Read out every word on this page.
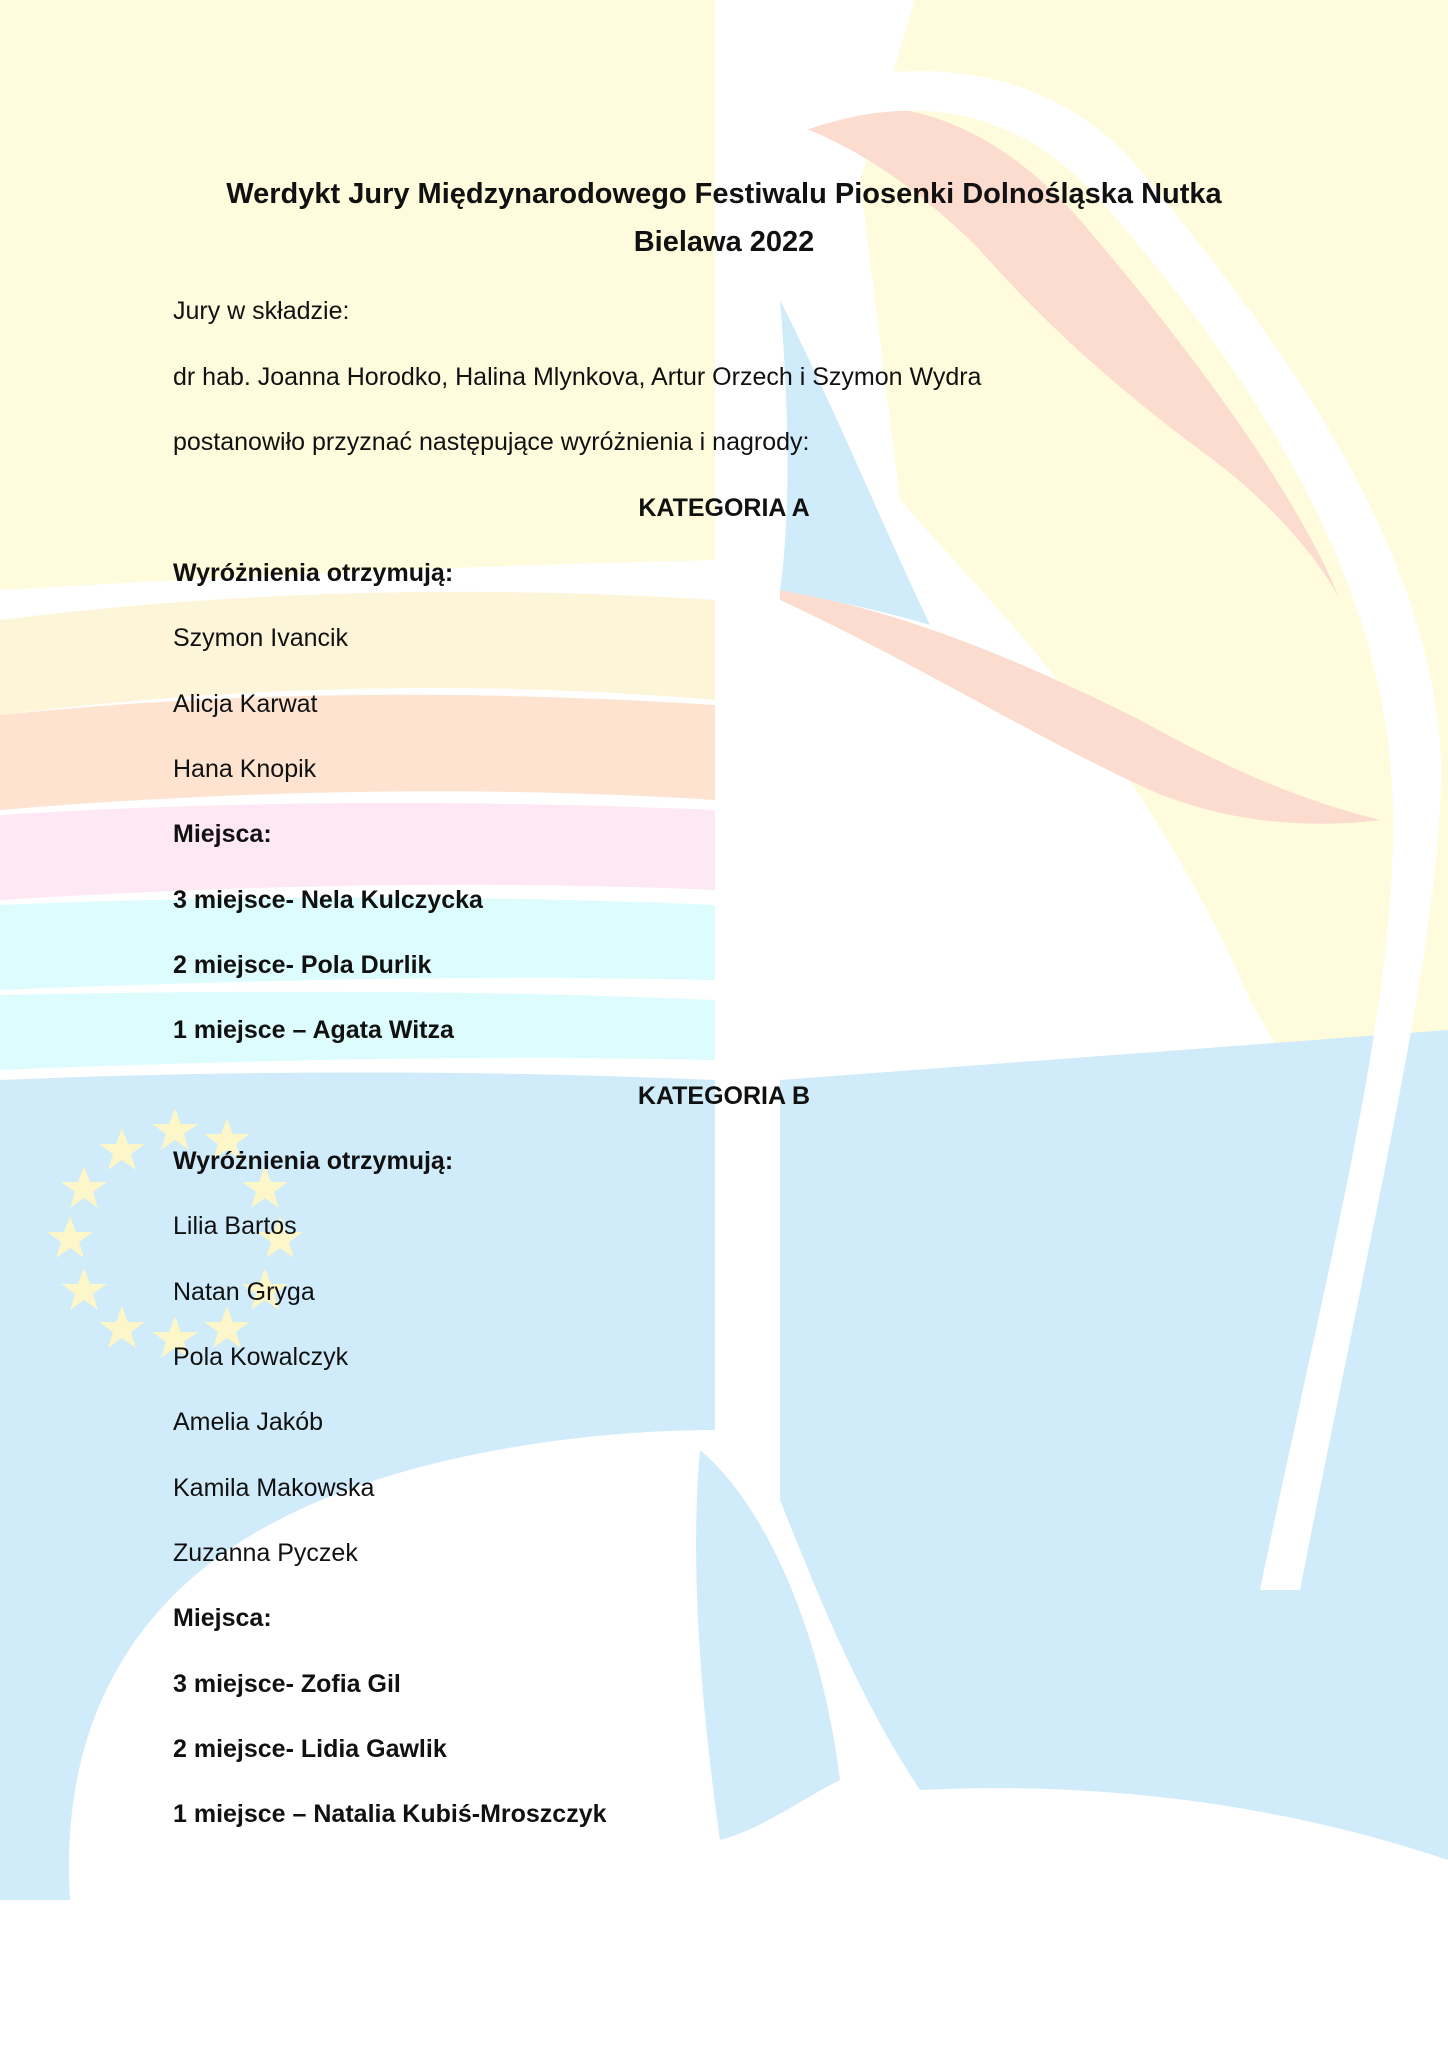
Werdykt Jury Międzynarodowego Festiwalu Piosenki Dolnośląska Nutka
Bielawa 2022

Jury w składzie:

dr hab. Joanna Horodko, Halina Mlynkova, Artur Orzech i Szymon Wydra

postanowiło przyznać następujące wyróżnienia i nagrody:

KATEGORIA A

Wyróżnienia otrzymują:

Szymon Ivancik

Alicja Karwat

Hana Knopik

Miejsca:

3 miejsce- Nela Kulczycka

2 miejsce- Pola Durlik

1 miejsce – Agata Witza

KATEGORIA B

Wyróżnienia otrzymują:

Lilia Bartos

Natan Gryga

Pola Kowalczyk

Amelia Jakób

Kamila Makowska

Zuzanna Pyczek

Miejsca:

3 miejsce- Zofia Gil

2 miejsce- Lidia Gawlik

1 miejsce – Natalia Kubiś-Mroszczyk
